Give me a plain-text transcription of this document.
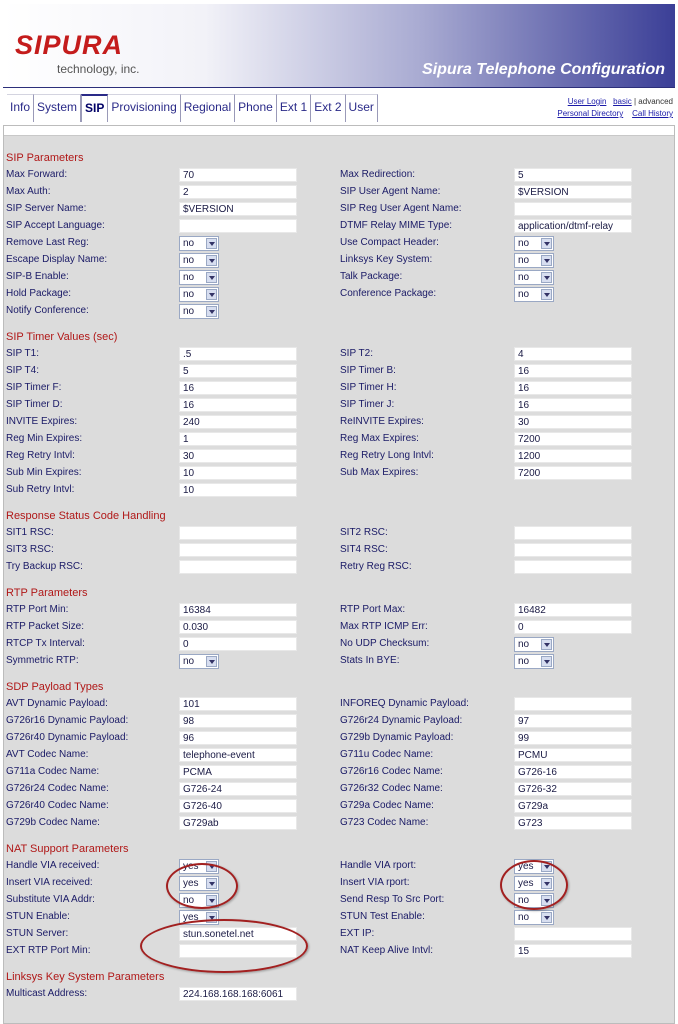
SIPURA
technology, inc.	Sipura Telephone Configuration
Info System SIP Provisioning Regional Phone Ext 1 Ext 2 User	User Login basic | advanced
Personal Directory Call History
SIP Parameters
Max Forward:	70	Max Redirection:	5
Max Auth:	2	SIP User Agent Name:	$VERSION
SIP Server Name:	$VERSION	SIP Reg User Agent Name:
SIP Accept Language:	DTMF Relay MIME Type:	application/dtmf-relay
Remove Last Reg:	no	Use Compact Header:	no
Escape Display Name:	no	Linksys Key System:	no
SIP-B Enable:	no	Talk Package:	no
Hold Package:	no	Conference Package:	no
Notify Conference:	no
SIP Timer Values (sec)
SIP T1:	.5	SIP T2:	4
SIP T4:	5	SIP Timer B:	16
SIP Timer F:	16	SIP Timer H:	16
SIP Timer D:	16	SIP Timer J:	16
INVITE Expires:	240	ReINVITE Expires:	30
Reg Min Expires:	1	Reg Max Expires:	7200
Reg Retry Intvl:	30	Reg Retry Long Intvl:	1200
Sub Min Expires:	10	Sub Max Expires:	7200
Sub Retry Intvl:	10
Response Status Code Handling
SIT1 RSC:	SIT2 RSC:
SIT3 RSC:	SIT4 RSC:
Try Backup RSC:	Retry Reg RSC:
RTP Parameters
RTP Port Min:	16384	RTP Port Max:	16482
RTP Packet Size:	0.030	Max RTP ICMP Err:	0
RTCP Tx Interval:	0	No UDP Checksum:	no
Symmetric RTP:	no	Stats In BYE:	no
SDP Payload Types
AVT Dynamic Payload:	101	INFOREQ Dynamic Payload:
G726r16 Dynamic Payload:	98	G726r24 Dynamic Payload:	97
G726r40 Dynamic Payload:	96	G729b Dynamic Payload:	99
AVT Codec Name:	telephone-event	G711u Codec Name:	PCMU
G711a Codec Name:	PCMA	G726r16 Codec Name:	G726-16
G726r24 Codec Name:	G726-24	G726r32 Codec Name:	G726-32
G726r40 Codec Name:	G726-40	G729a Codec Name:	G729a
G729b Codec Name:	G729ab	G723 Codec Name:	G723
NAT Support Parameters
Handle VIA received:	yes	Handle VIA rport:	yes
Insert VIA received:	yes	Insert VIA rport:	yes
Substitute VIA Addr:	no	Send Resp To Src Port:	no
STUN Enable:	yes	STUN Test Enable:	no
STUN Server:	stun.sonetel.net	EXT IP:
EXT RTP Port Min:	NAT Keep Alive Intvl:	15
Linksys Key System Parameters
Multicast Address:	224.168.168.168:6061
